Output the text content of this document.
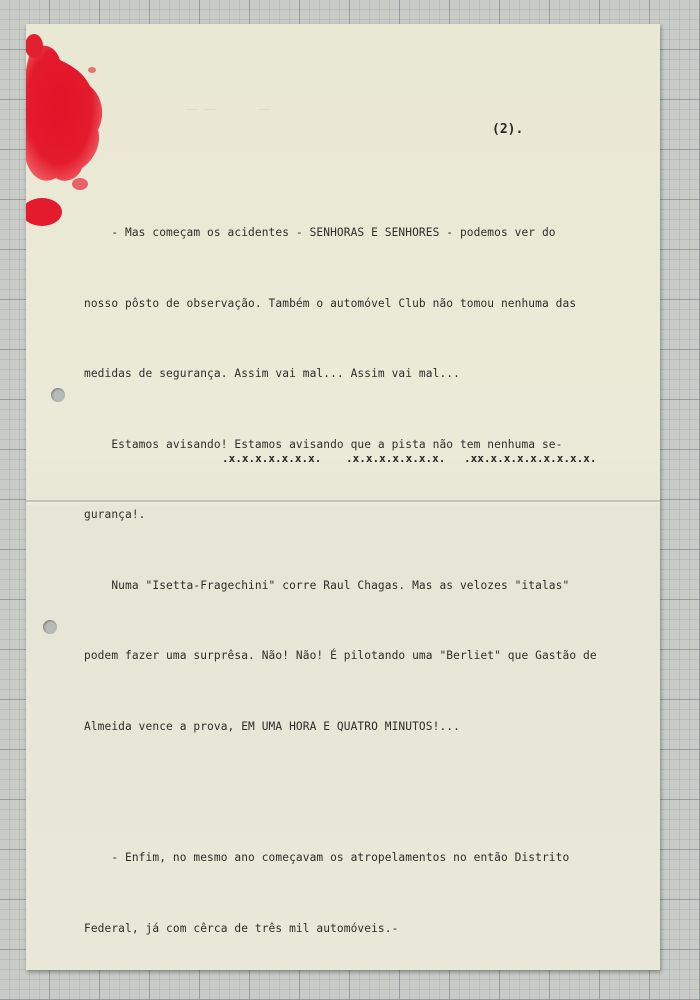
—— ——       ——
(2).

- Mas começam os acidentes - SENHORAS E SENHORES - podemos ver do

nosso pôsto de observação. Também o automóvel Club não tomou nenhuma das

medidas de segurança. Assim vai mal... Assim vai mal...

Estamos avisando! Estamos avisando que a pista não tem nenhuma se-

gurança!.

Numa "Isetta-Fragechini" corre Raul Chagas. Mas as velozes "italas"

podem fazer uma surprêsa. Não! Não! É pilotando uma "Berliet" que Gastão de

Almeida vence a prova, EM UMA HORA E QUATRO MINUTOS!...

- Enfim, no mesmo ano começavam os atropelamentos no então Distrito

Federal, já com cêrca de três mil automóveis.-

.x.x.x.x.x.x.x. .x.x.x.x.x.x.x. .xx.x.x.x.x.x.x.x.x.
